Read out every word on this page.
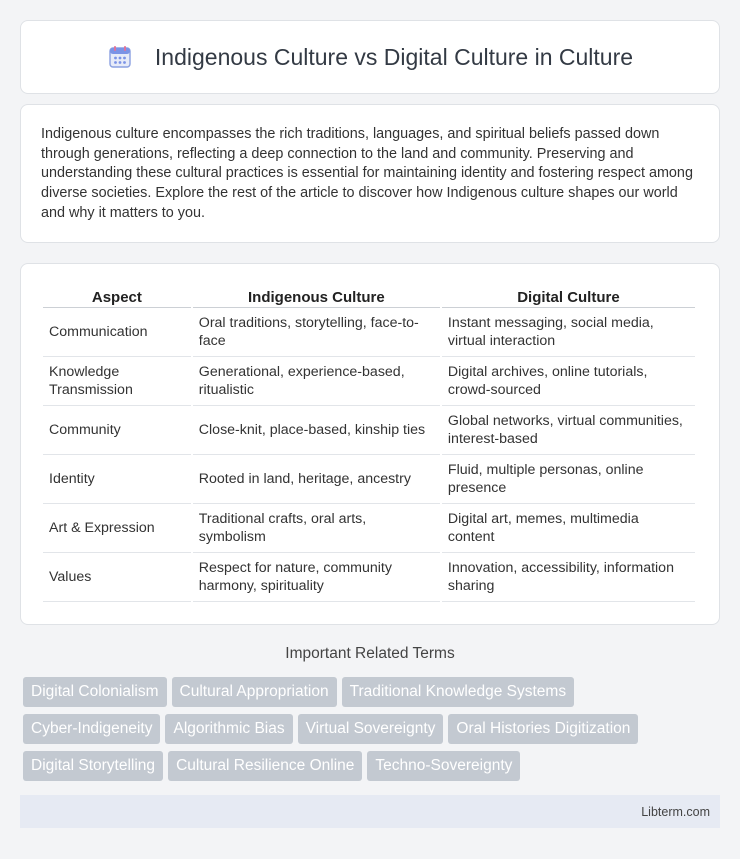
Indigenous Culture vs Digital Culture in Culture

Indigenous culture encompasses the rich traditions, languages, and spiritual beliefs passed down through generations, reflecting a deep connection to the land and community. Preserving and understanding these cultural practices is essential for maintaining identity and fostering respect among diverse societies. Explore the rest of the article to discover how Indigenous culture shapes our world and why it matters to you.

Aspect	Indigenous Culture	Digital Culture
Communication	Oral traditions, storytelling, face-to-face	Instant messaging, social media, virtual interaction
Knowledge Transmission	Generational, experience-based, ritualistic	Digital archives, online tutorials, crowd-sourced
Community	Close-knit, place-based, kinship ties	Global networks, virtual communities, interest-based
Identity	Rooted in land, heritage, ancestry	Fluid, multiple personas, online presence
Art & Expression	Traditional crafts, oral arts, symbolism	Digital art, memes, multimedia content
Values	Respect for nature, community harmony, spirituality	Innovation, accessibility, information sharing
Important Related Terms
Digital Colonialism	Cultural Appropriation	Traditional Knowledge Systems
Cyber-Indigeneity	Algorithmic Bias	Virtual Sovereignty	Oral Histories Digitization
Digital Storytelling	Cultural Resilience Online	Techno-Sovereignty
Libterm.com
